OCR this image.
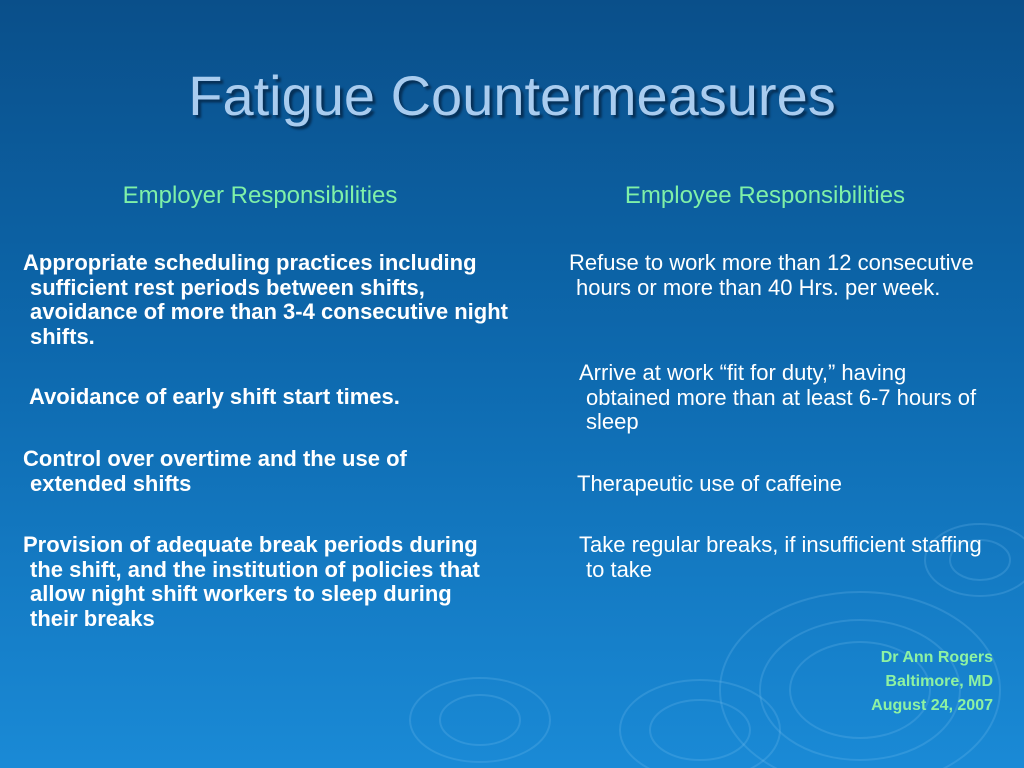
Fatigue Countermeasures
Employer Responsibilities	Employee Responsibilities

Appropriate scheduling practices including sufficient rest periods between shifts, avoidance of more than 3-4 consecutive night shifts.

Avoidance of early shift start times.

Control over overtime and the use of extended shifts

Provision of adequate break periods during the shift, and the institution of policies that allow night shift workers to sleep during their breaks

Refuse to work more than 12 consecutive hours or more than 40 Hrs. per week.

Arrive at work “fit for duty,” having obtained more than at least 6-7 hours of sleep

Therapeutic use of caffeine

Take regular breaks, if insufficient staffing to take

Dr Ann Rogers
Baltimore, MD
August 24, 2007
